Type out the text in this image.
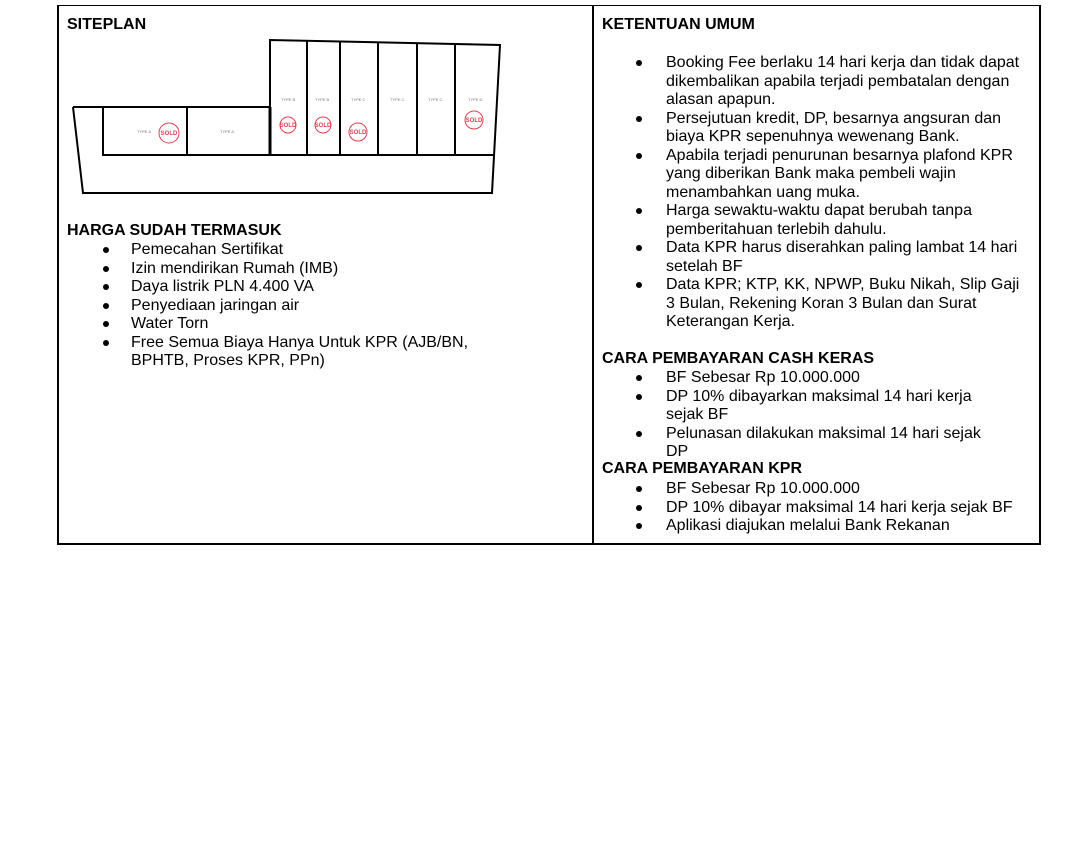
SITEPLAN
TYPE A SOLD	TYPE A
TYPE B
SOLD
TYPE B
SOLD
TYPE C
SOLD
TYPE C	TYPE C	TYPE D
SOLD
HARGA SUDAH TERMASUK
Pemecahan Sertifikat
Izin mendirikan Rumah (IMB)
Daya listrik PLN 4.400 VA
Penyediaan jaringan air
Water Torn
Free Semua Biaya Hanya Untuk KPR (AJB/BN, BPHTB, Proses KPR, PPn)
KETENTUAN UMUM
Booking Fee berlaku 14 hari kerja dan tidak dapat dikembalikan apabila terjadi pembatalan dengan alasan apapun.
Persejutuan kredit, DP, besarnya angsuran dan biaya KPR sepenuhnya wewenang Bank.
Apabila terjadi penurunan besarnya plafond KPR yang diberikan Bank maka pembeli wajin menambahkan uang muka.
Harga sewaktu-waktu dapat berubah tanpa pemberitahuan terlebih dahulu.
Data KPR harus diserahkan paling lambat 14 hari setelah BF
Data KPR; KTP, KK, NPWP, Buku Nikah, Slip Gaji 3 Bulan, Rekening Koran 3 Bulan dan Surat Keterangan Kerja.
CARA PEMBAYARAN CASH KERAS
BF Sebesar Rp 10.000.000
DP 10% dibayarkan maksimal 14 hari kerja sejak BF
Pelunasan dilakukan maksimal 14 hari sejak DP
CARA PEMBAYARAN KPR
BF Sebesar Rp 10.000.000
DP 10% dibayar maksimal 14 hari kerja sejak BF
Aplikasi diajukan melalui Bank Rekanan
